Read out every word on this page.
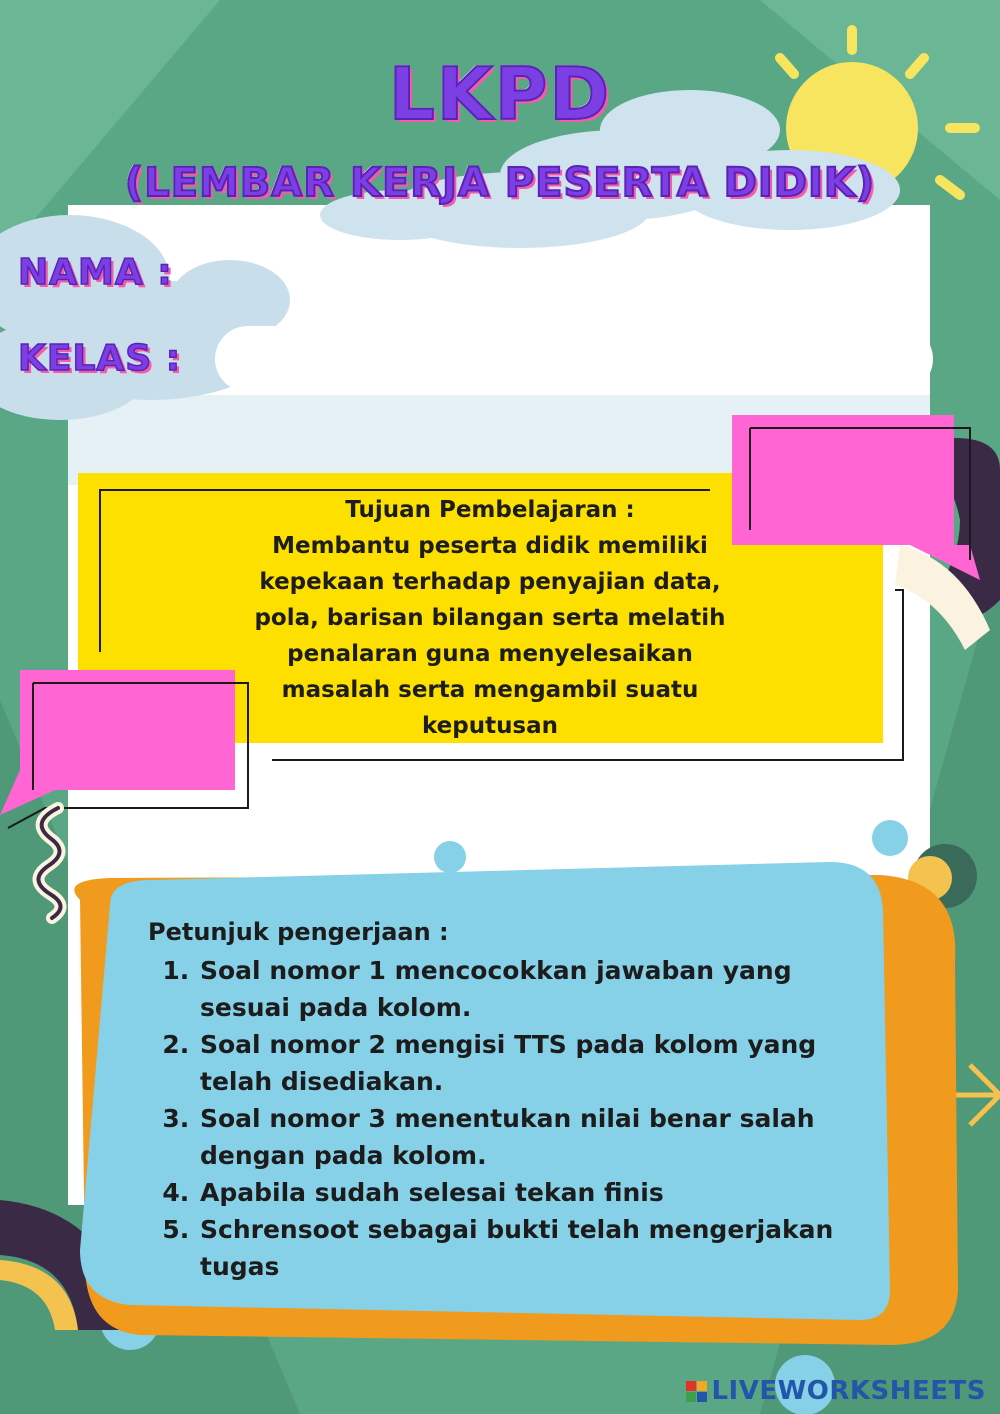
LKPD
(LEMBAR KERJA PESERTA DIDIK)
NAMA :
KELAS :
Tujuan Pembelajaran :
Membantu peserta didik memiliki
kepekaan terhadap penyajian data,
pola, barisan bilangan serta melatih
penalaran guna menyelesaikan
masalah serta mengambil suatu
keputusan
Petunjuk pengerjaan :
1. Soal nomor 1 mencocokkan jawaban yang sesuai pada kolom.
2. Soal nomor 2 mengisi TTS pada kolom yang telah disediakan.
3. Soal nomor 3 menentukan nilai benar salah dengan pada kolom.
4. Apabila sudah selesai tekan finis
5. Schrensoot sebagai bukti telah mengerjakan tugas
LIVEWORKSHEETS
